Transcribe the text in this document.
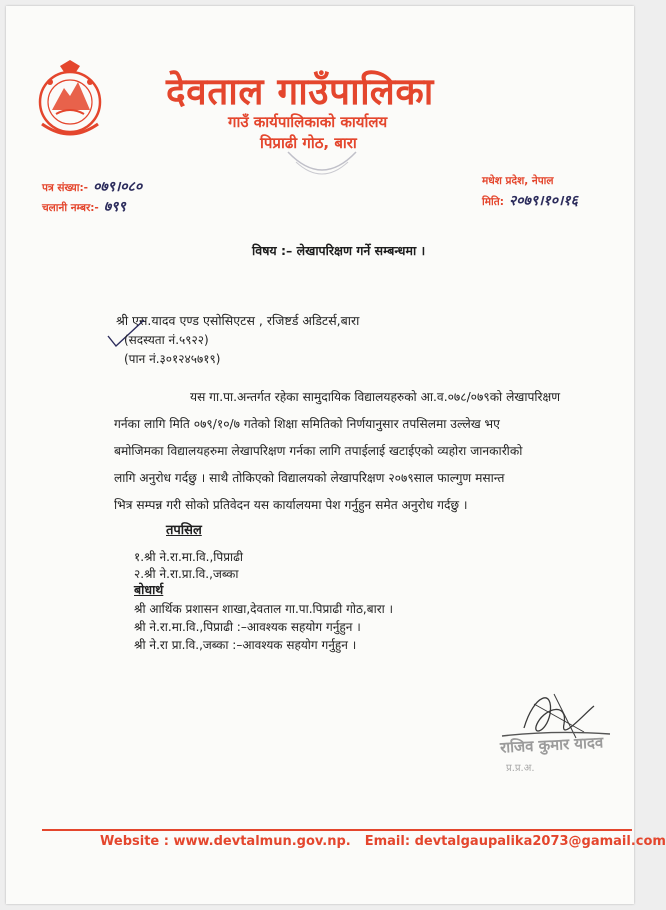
देवताल गाउँपालिका
गाउँ कार्यपालिकाको कार्यालय
पिप्राढी गोठ, बारा
पत्र संख्या:- ०७९।०८०
चलानी नम्बर:- ७९९
मधेश प्रदेश, नेपाल
मिति: २०७९।१०।१६
विषय :– लेखापरिक्षण गर्ने सम्बन्धमा ।
श्री एस.यादव एण्ड एसोसिएटस , रजिष्टर्ड अडिटर्स,बारा
(सदस्यता नं.५९२२)
(पान नं.३०१२४५७१९)
यस गा.पा.अन्तर्गत रहेका सामुदायिक विद्यालयहरुको आ.व.०७८/०७९को लेखापरिक्षण
गर्नका लागि मिति ०७९/१०/७ गतेको शिक्षा समितिको निर्णयानुसार तपसिलमा उल्लेख भए
बमोजिमका विद्यालयहरुमा लेखापरिक्षण गर्नका लागि तपाईलाई खटाईएको व्यहोरा जानकारीको
लागि अनुरोध गर्दछु । साथै तोकिएको विद्यालयको लेखापरिक्षण २०७९साल फाल्गुण मसान्त
भित्र सम्पन्न गरी सोको प्रतिवेदन यस कार्यालयमा पेश गर्नुहुन समेत अनुरोध गर्दछु ।
तपसिल
१.श्री ने.रा.मा.वि.,पिप्राढी
२.श्री ने.रा.प्रा.वि.,जब्का
बोधार्थ
श्री आर्थिक प्रशासन शाखा,देवताल गा.पा.पिप्राढी गोठ,बारा ।
श्री ने.रा.मा.वि.,पिप्राढी :–आवश्यक सहयोग गर्नुहुन ।
श्री ने.रा प्रा.वि.,जब्का :–आवश्यक सहयोग गर्नुहुन ।
राजिव कुमार यादव
प्र.प्र.अ.
Website : www.devtalmun.gov.np. Email: devtalgaupalika2073@gamail.com
